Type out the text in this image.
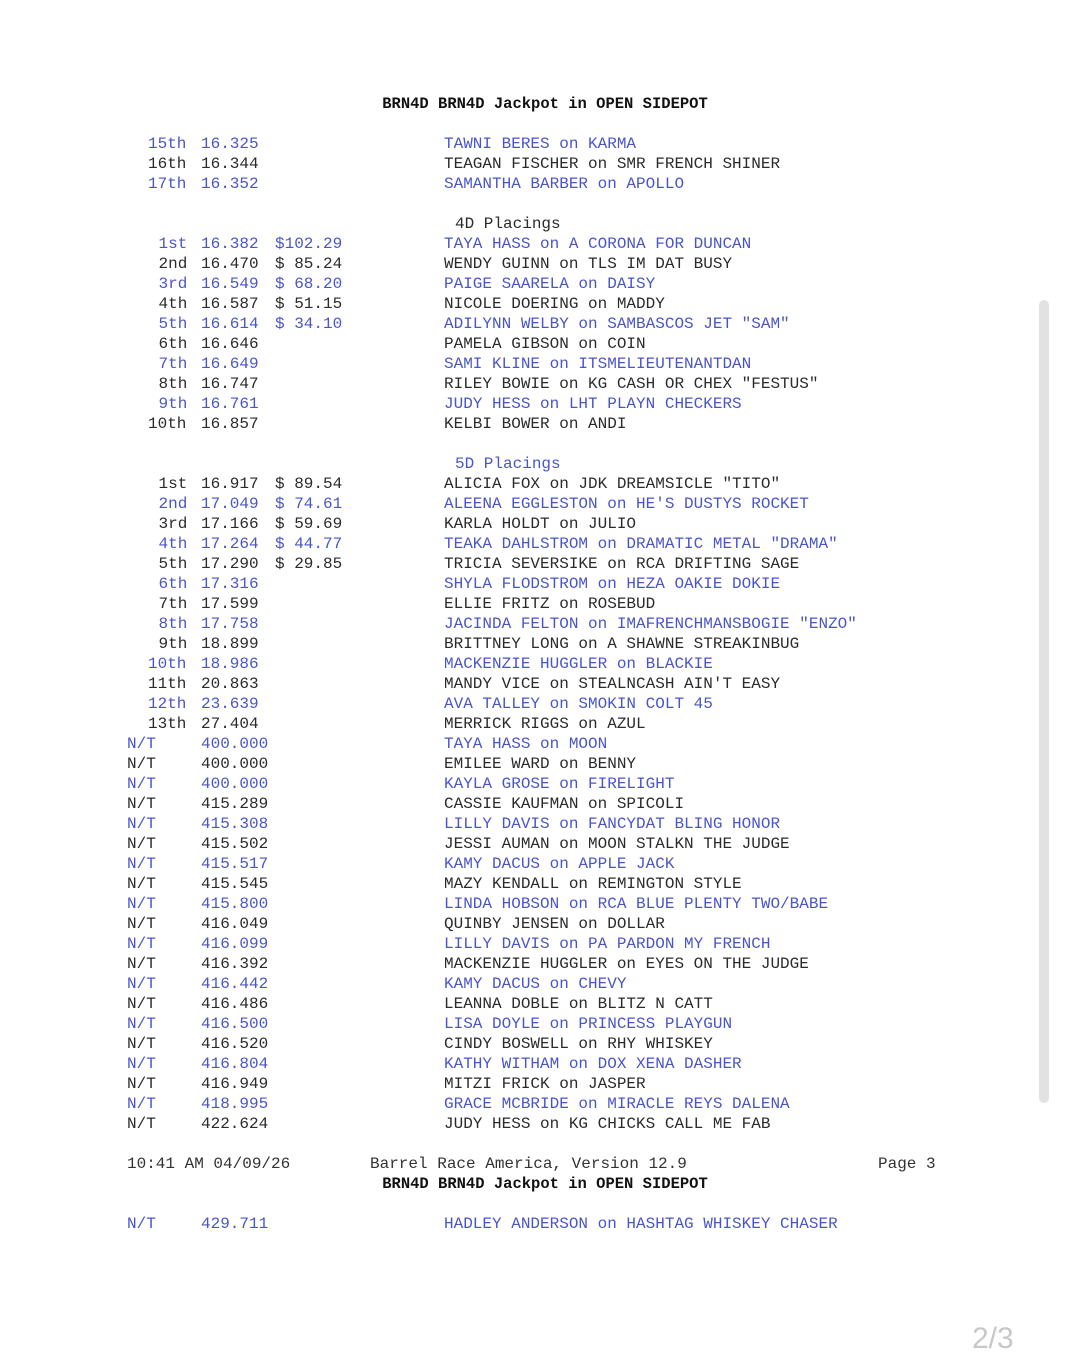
BRN4D BRN4D Jackpot in OPEN SIDEPOT
15th 16.325	TAWNI BERES on KARMA
16th 16.344	TEAGAN FISCHER on SMR FRENCH SHINER
17th 16.352	SAMANTHA BARBER on APOLLO
4D Placings
1st 16.382 $102.29	TAYA HASS on A CORONA FOR DUNCAN
2nd 16.470 $ 85.24	WENDY GUINN on TLS IM DAT BUSY
3rd 16.549 $ 68.20	PAIGE SAARELA on DAISY
4th 16.587 $ 51.15	NICOLE DOERING on MADDY
5th 16.614 $ 34.10	ADILYNN WELBY on SAMBASCOS JET "SAM"
6th 16.646	PAMELA GIBSON on COIN
7th 16.649	SAMI KLINE on ITSMELIEUTENANTDAN
8th 16.747	RILEY BOWIE on KG CASH OR CHEX "FESTUS"
9th 16.761	JUDY HESS on LHT PLAYN CHECKERS
10th 16.857	KELBI BOWER on ANDI
5D Placings
1st 16.917 $ 89.54	ALICIA FOX on JDK DREAMSICLE "TITO"
2nd 17.049 $ 74.61	ALEENA EGGLESTON on HE'S DUSTYS ROCKET
3rd 17.166 $ 59.69	KARLA HOLDT on JULIO
4th 17.264 $ 44.77	TEAKA DAHLSTROM on DRAMATIC METAL "DRAMA"
5th 17.290 $ 29.85	TRICIA SEVERSIKE on RCA DRIFTING SAGE
6th 17.316	SHYLA FLODSTROM on HEZA OAKIE DOKIE
7th 17.599	ELLIE FRITZ on ROSEBUD
8th 17.758	JACINDA FELTON on IMAFRENCHMANSBOGIE "ENZO"
9th 18.899	BRITTNEY LONG on A SHAWNE STREAKINBUG
10th 18.986	MACKENZIE HUGGLER on BLACKIE
11th 20.863	MANDY VICE on STEALNCASH AIN'T EASY
12th 23.639	AVA TALLEY on SMOKIN COLT 45
13th 27.404	MERRICK RIGGS on AZUL
N/T	400.000	TAYA HASS on MOON
N/T	400.000	EMILEE WARD on BENNY
N/T	400.000	KAYLA GROSE on FIRELIGHT
N/T	415.289	CASSIE KAUFMAN on SPICOLI
N/T	415.308	LILLY DAVIS on FANCYDAT BLING HONOR
N/T	415.502	JESSI AUMAN on MOON STALKN THE JUDGE
N/T	415.517	KAMY DACUS on APPLE JACK
N/T	415.545	MAZY KENDALL on REMINGTON STYLE
N/T	415.800	LINDA HOBSON on RCA BLUE PLENTY TWO/BABE
N/T	416.049	QUINBY JENSEN on DOLLAR
N/T	416.099	LILLY DAVIS on PA PARDON MY FRENCH
N/T	416.392	MACKENZIE HUGGLER on EYES ON THE JUDGE
N/T	416.442	KAMY DACUS on CHEVY
N/T	416.486	LEANNA DOBLE on BLITZ N CATT
N/T	416.500	LISA DOYLE on PRINCESS PLAYGUN
N/T	416.520	CINDY BOSWELL on RHY WHISKEY
N/T	416.804	KATHY WITHAM on DOX XENA DASHER
N/T	416.949	MITZI FRICK on JASPER
N/T	418.995	GRACE MCBRIDE on MIRACLE REYS DALENA
N/T	422.624	JUDY HESS on KG CHICKS CALL ME FAB
10:41 AM 04/09/26	Barrel Race America, Version 12.9	Page 3
BRN4D BRN4D Jackpot in OPEN SIDEPOT
N/T	429.711	HADLEY ANDERSON on HASHTAG WHISKEY CHASER
2/3
